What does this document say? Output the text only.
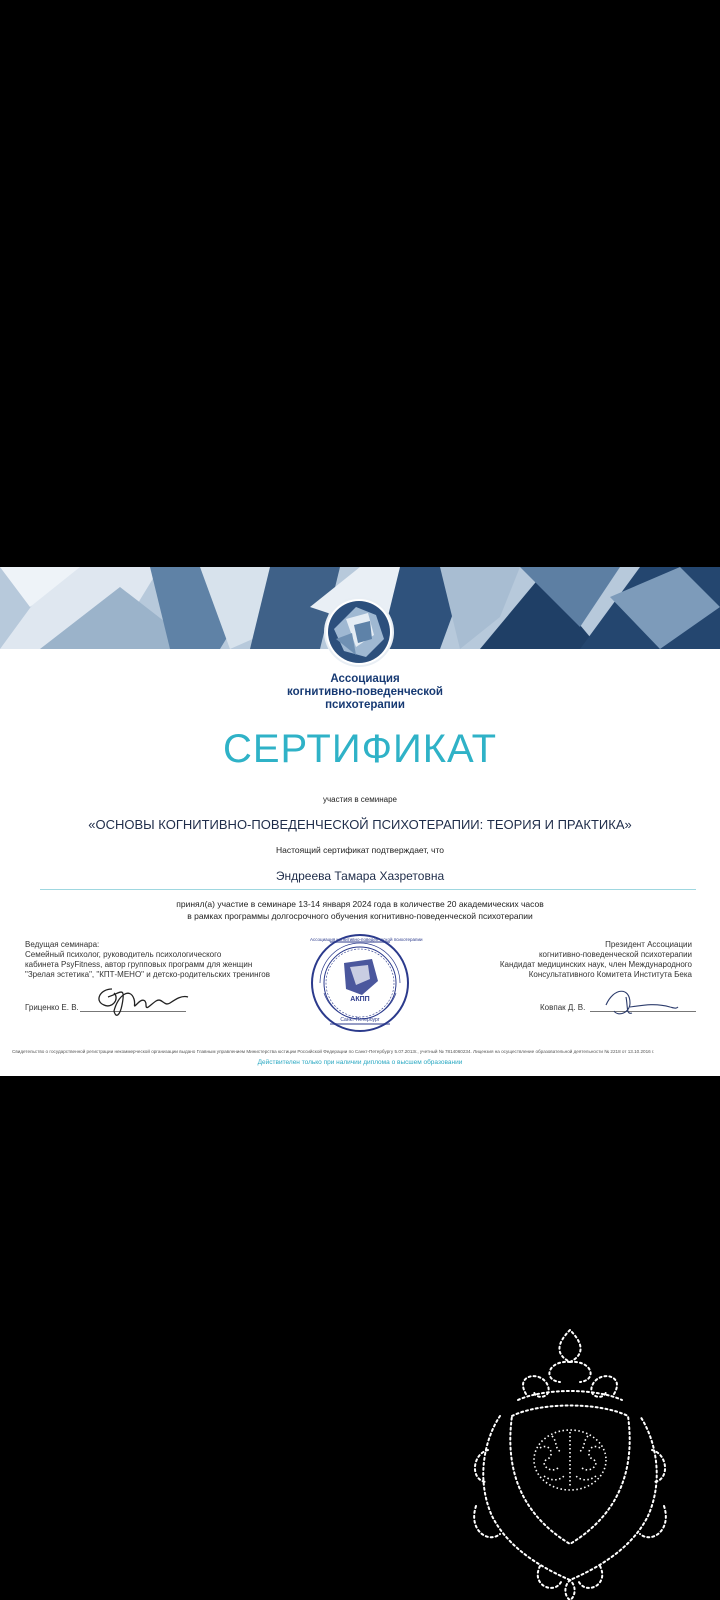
Ассоциация
когнитивно-поведенческой
психотерапии
СЕРТИФИКАТ
участия в семинаре
«ОСНОВЫ КОГНИТИВНО-ПОВЕДЕНЧЕСКОЙ ПСИХОТЕРАПИИ: ТЕОРИЯ И ПРАКТИКА»
Настоящий сертификат подтверждает, что
Эндреева Тамара Хазретовна
принял(а) участие в семинаре 13-14 января 2024 года в количестве 20 академических часов
в рамках программы долгосрочного обучения когнитивно-поведенческой психотерапии
Ведущая семинара:
Семейный психолог, руководитель психологического
кабинета PsyFitness, автор групповых программ для женщин
"Зрелая эстетика", "КПТ-МЕНО" и детско-родительских тренингов
Гриценко Е. В.
Президент Ассоциации
когнитивно-поведенческой психотерапии
Кандидат медицинских наук, член Международного
Консультативного Комитета Института Бека
Ковпак Д. В.
АКПП
Санкт-Петербург
Ассоциация когнитивно-поведенческой психотерапии
Свидетельство о государственной регистрации некоммерческой организации выдано Главным управлением Министерства юстиции Российской Федерации по Санкт-Петербургу 5.07.2013г., учетный № 7814060234. Лицензия на осуществление образовательной деятельности № 2218 от 13.10.2016 г.
Действителен только при наличии диплома о высшем образовании
